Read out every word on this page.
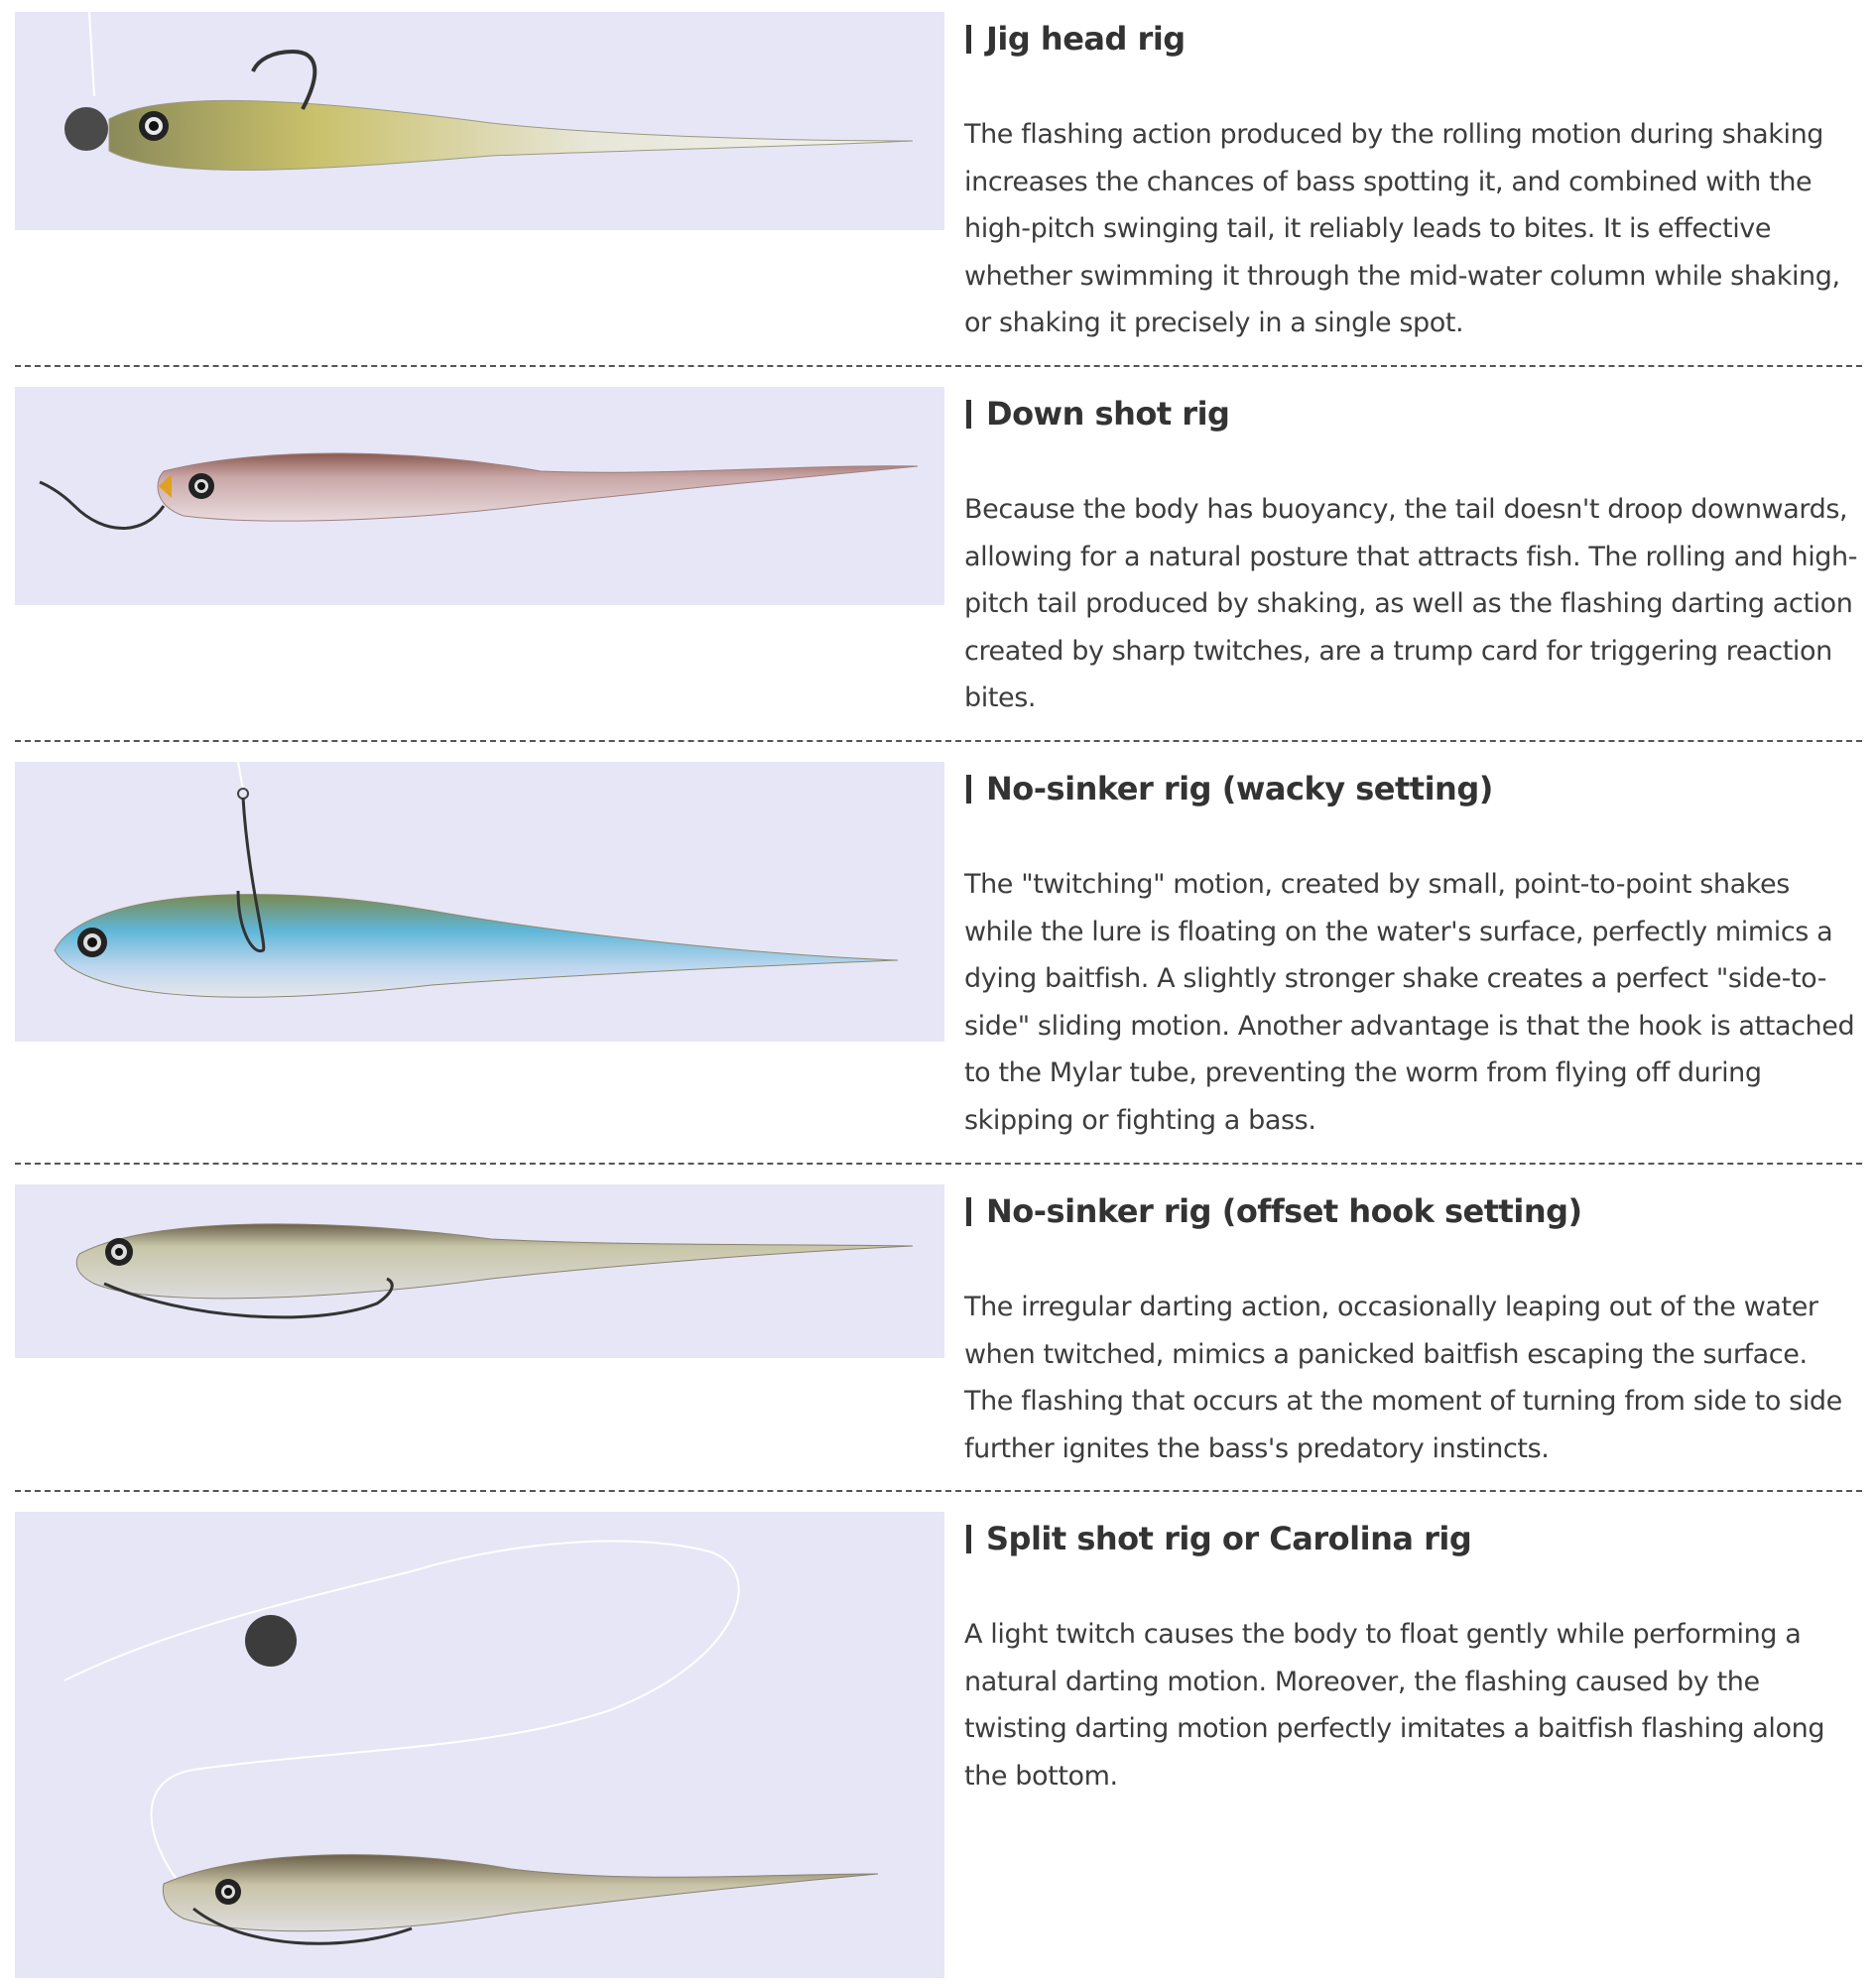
Jig head rig

The flashing action produced by the rolling motion during shaking increases the chances of bass spotting it, and combined with the high-pitch swinging tail, it reliably leads to bites. It is effective whether swimming it through the mid-water column while shaking, or shaking it precisely in a single spot.

Down shot rig

Because the body has buoyancy, the tail doesn't droop downwards, allowing for a natural posture that attracts fish. The rolling and high-pitch tail produced by shaking, as well as the flashing darting action created by sharp twitches, are a trump card for triggering reaction bites.

No-sinker rig (wacky setting)

The "twitching" motion, created by small, point-to-point shakes while the lure is floating on the water's surface, perfectly mimics a dying baitfish. A slightly stronger shake creates a perfect "side-to-side" sliding motion. Another advantage is that the hook is attached to the Mylar tube, preventing the worm from flying off during skipping or fighting a bass.

No-sinker rig (offset hook setting)

The irregular darting action, occasionally leaping out of the water when twitched, mimics a panicked baitfish escaping the surface. The flashing that occurs at the moment of turning from side to side further ignites the bass's predatory instincts.

Split shot rig or Carolina rig

A light twitch causes the body to float gently while performing a natural darting motion. Moreover, the flashing caused by the twisting darting motion perfectly imitates a baitfish flashing along the bottom.
